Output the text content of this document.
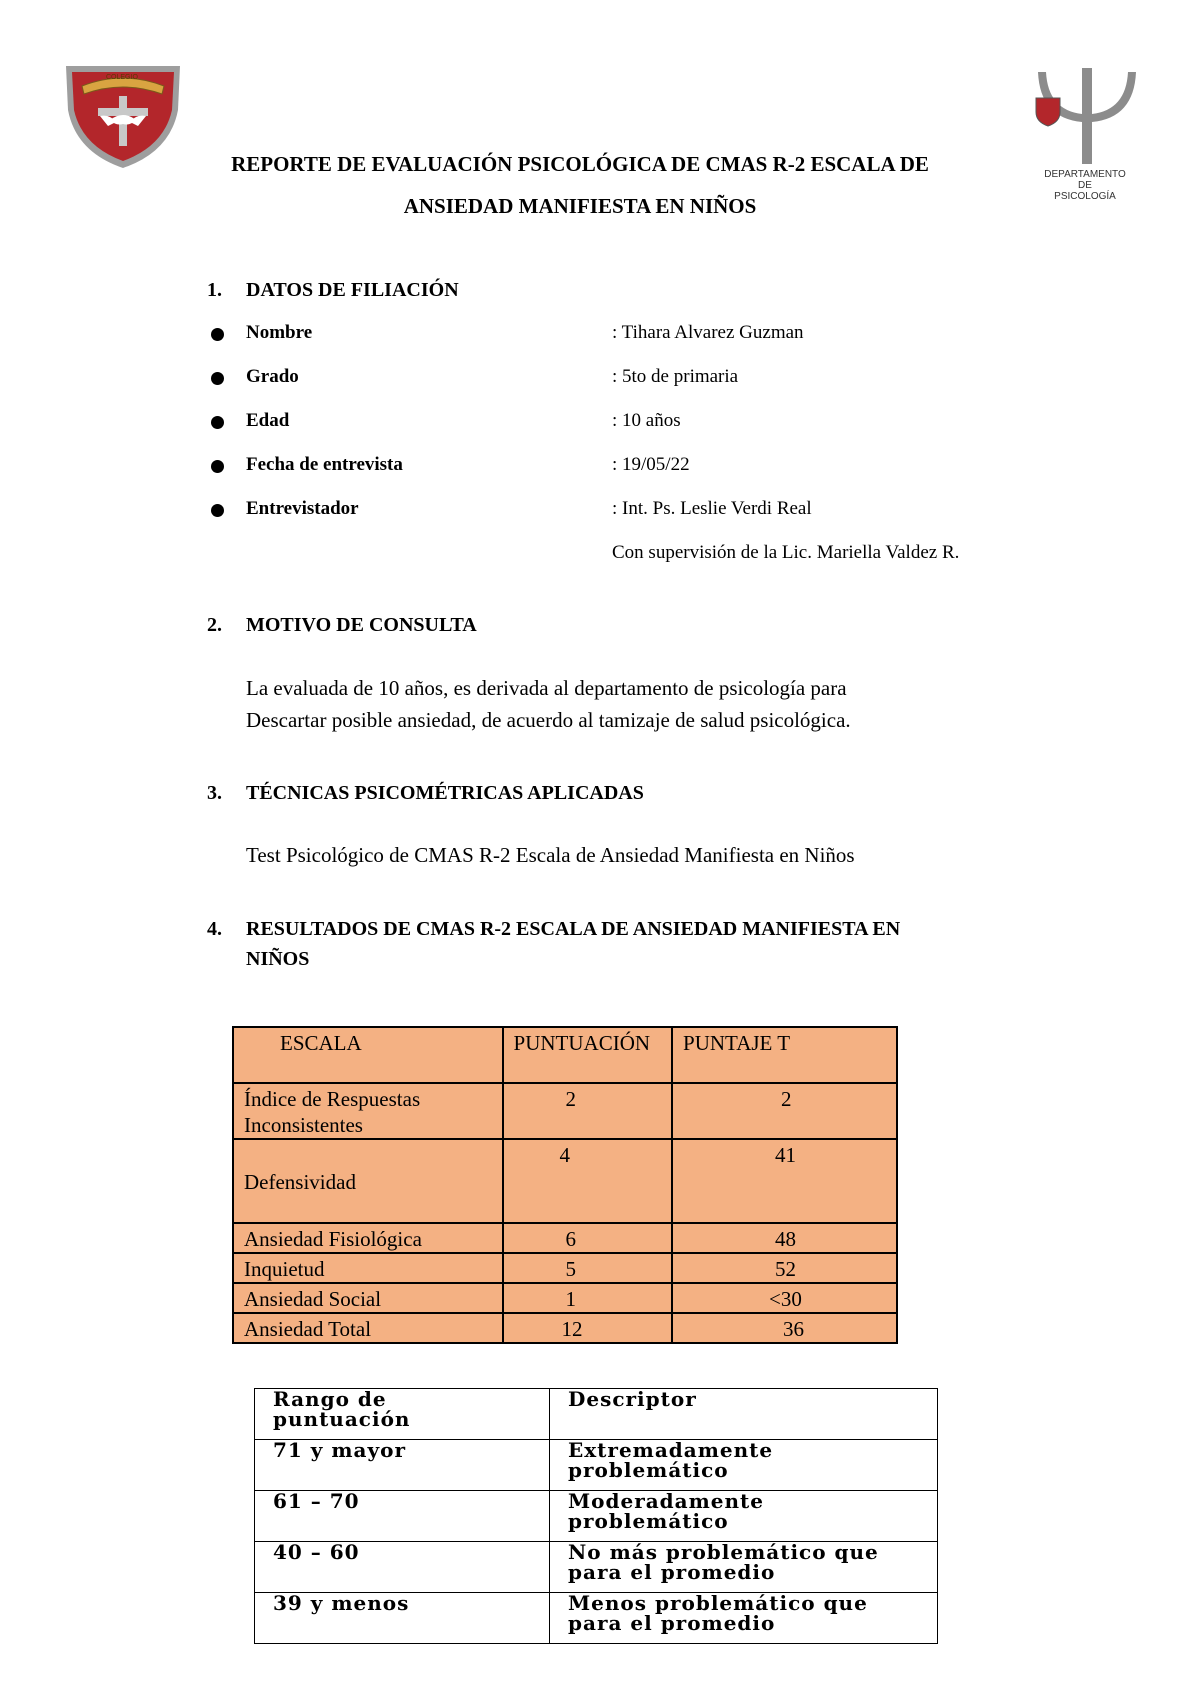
COLEGIO
DEPARTAMENTO
DE
PSICOLOGÍA
REPORTE DE EVALUACIÓN PSICOLÓGICA DE CMAS R-2 ESCALA DE
ANSIEDAD MANIFIESTA EN NIÑOS
1. DATOS DE FILIACIÓN
Nombre	: Tihara Alvarez Guzman
Grado	: 5to de primaria
Edad	: 10 años
Fecha de entrevista	: 19/05/22
Entrevistador	: Int. Ps. Leslie Verdi Real
Con supervisión de la Lic. Mariella Valdez R.
2. MOTIVO DE CONSULTA
La evaluada de 10 años, es derivada al departamento de psicología para
Descartar posible ansiedad, de acuerdo al tamizaje de salud psicológica.
3. TÉCNICAS PSICOMÉTRICAS APLICADAS
Test Psicológico de CMAS R-2 Escala de Ansiedad Manifiesta en Niños
4. RESULTADOS DE CMAS R-2 ESCALA DE ANSIEDAD MANIFIESTA EN
NIÑOS
ESCALA	PUNTUACIÓN	PUNTAJE T
Índice de Respuestas Inconsistentes	2	2
Defensividad	4	41
Ansiedad Fisiológica	6	48
Inquietud	5	52
Ansiedad Social	1	<30
Ansiedad Total	12	36
Rango de puntuación	Descriptor
71 y mayor	Extremadamente problemático
61 – 70	Moderadamente problemático
40 – 60	No más problemático que para el promedio
39 y menos	Menos problemático que para el promedio
